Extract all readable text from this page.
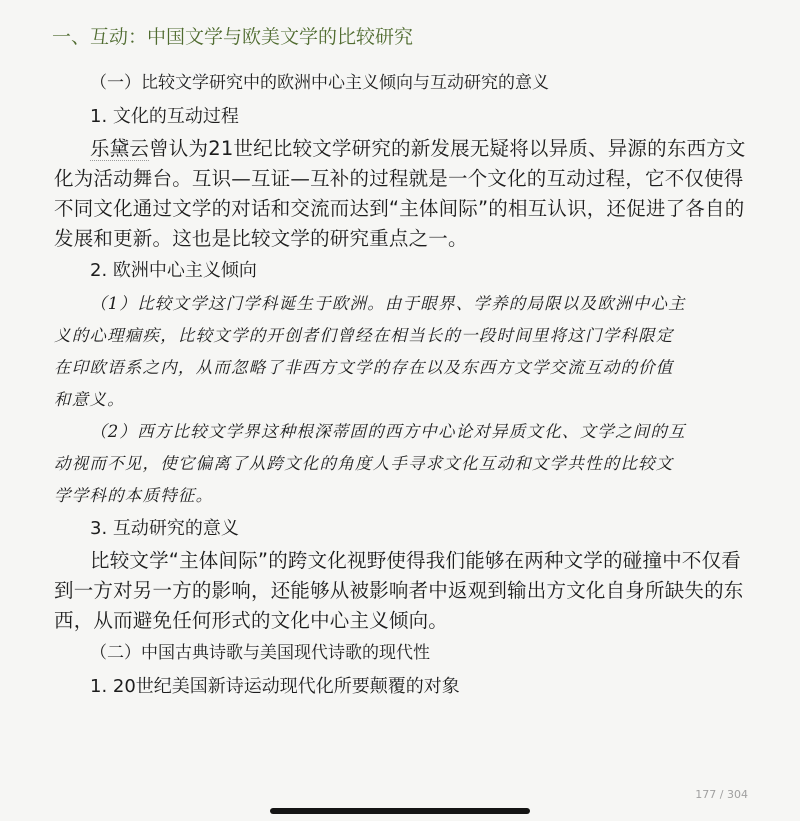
一、互动：中国文学与欧美文学的比较研究
（一）比较文学研究中的欧洲中心主义倾向与互动研究的意义
1. 文化的互动过程
乐黛云曾认为21世纪比较文学研究的新发展无疑将以异质、异源的东西方文
化为活动舞台。互识—互证—互补的过程就是一个文化的互动过程，它不仅使得
不同文化通过文学的对话和交流而达到“主体间际”的相互认识，还促进了各自的
发展和更新。这也是比较文学的研究重点之一。
2. 欧洲中心主义倾向
（1）比较文学这门学科诞生于欧洲。由于眼界、学养的局限以及欧洲中心主
义的心理痼疾，比较文学的开创者们曾经在相当长的一段时间里将这门学科限定
在印欧语系之内，从而忽略了非西方文学的存在以及东西方文学交流互动的价值
和意义。
（2）西方比较文学界这种根深蒂固的西方中心论对异质文化、文学之间的互
动视而不见，使它偏离了从跨文化的角度人手寻求文化互动和文学共性的比较文
学学科的本质特征。
3. 互动研究的意义
比较文学“主体间际”的跨文化视野使得我们能够在两种文学的碰撞中不仅看
到一方对另一方的影响，还能够从被影响者中返观到输出方文化自身所缺失的东
西，从而避免任何形式的文化中心主义倾向。
（二）中国古典诗歌与美国现代诗歌的现代性
1. 20世纪美国新诗运动现代化所要颠覆的对象
177 / 304
